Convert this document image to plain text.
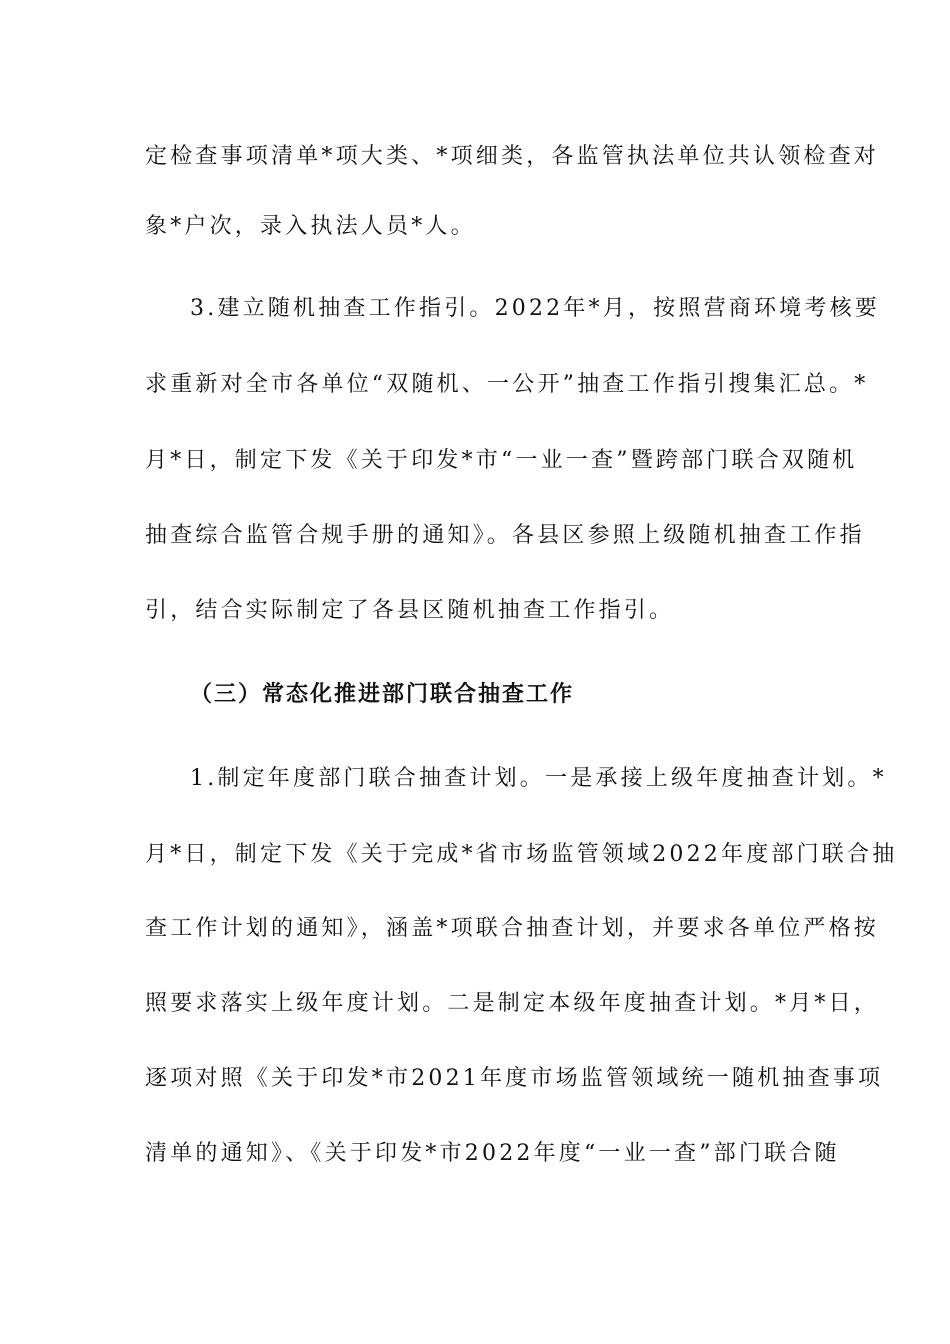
定检查事项清单*项大类、*项细类，各监管执法单位共认领检查对
象*户次，录入执法人员*人。
3.建立随机抽查工作指引。2022年*月，按照营商环境考核要
求重新对全市各单位“双随机、一公开”抽查工作指引搜集汇总。*
月*日，制定下发《关于印发*市“一业一查”暨跨部门联合双随机
抽查综合监管合规手册的通知》。各县区参照上级随机抽查工作指
引，结合实际制定了各县区随机抽查工作指引。
（三）常态化推进部门联合抽查工作
1.制定年度部门联合抽查计划。一是承接上级年度抽查计划。*
月*日，制定下发《关于完成*省市场监管领域2022年度部门联合抽
查工作计划的通知》，涵盖*项联合抽查计划，并要求各单位严格按
照要求落实上级年度计划。二是制定本级年度抽查计划。*月*日，
逐项对照《关于印发*市2021年度市场监管领域统一随机抽查事项
清单的通知》、《关于印发*市2022年度“一业一查”部门联合随
